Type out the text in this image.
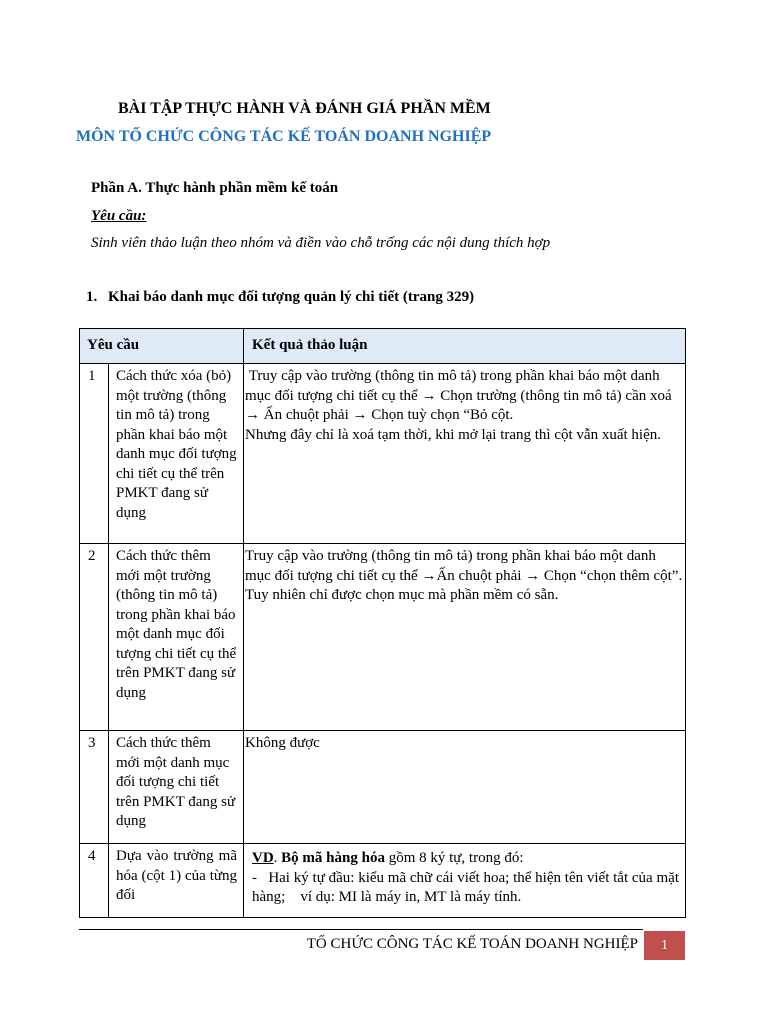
BÀI TẬP THỰC HÀNH VÀ ĐÁNH GIÁ PHẦN MỀM
MÔN TỐ CHỨC CÔNG TÁC KẾ TOÁN DOANH NGHIỆP
Phần A. Thực hành phần mềm kế toán
Yêu cầu:
Sinh viên thảo luận theo nhóm và điền vào chỗ trống các nội dung thích hợp
1. Khai báo danh mục đối tượng quản lý chi tiết (trang 329)
Yêu cầu		Kết quả thảo luận
1	Cách thức xóa (bỏ) một trường (thông tin mô tả) trong phần khai báo một danh mục đối tượng chi tiết cụ thể trên PMKT đang sử dụng	Truy cập vào trường (thông tin mô tả) trong phần khai báo một danh mục đối tượng chi tiết cụ thể → Chọn trường (thông tin mô tả) cần xoá → Ấn chuột phải → Chọn tuỳ chọn “Bỏ cột.
Nhưng đây chỉ là xoá tạm thời, khi mở lại trang thì cột vẫn xuất hiện.

2	Cách thức thêm mới một trường (thông tin mô tả) trong phần khai báo một danh mục đối tượng chi tiết cụ thể trên PMKT đang sử dụng	Truy cập vào trường (thông tin mô tả) trong phần khai báo một danh mục đối tượng chi tiết cụ thể →Ấn chuột phải → Chọn “chọn thêm cột”.
Tuy nhiên chỉ được chọn mục mà phần mềm có sẵn.

3	Cách thức thêm mới một danh mục đối tượng chi tiết trên PMKT đang sử dụng	Không được

4	Dựa vào trường mã hóa (cột 1) của từng đối	VD. Bộ mã hàng hóa gồm 8 ký tự, trong đó:
-   Hai ký tự đầu: kiểu mã chữ cái viết hoa; thể hiện tên viết tắt của mặt hàng;    ví dụ: MI là máy in, MT là máy tính.
TỐ CHỨC CÔNG TÁC KẾ TOÁN DOANH NGHIỆP	1
